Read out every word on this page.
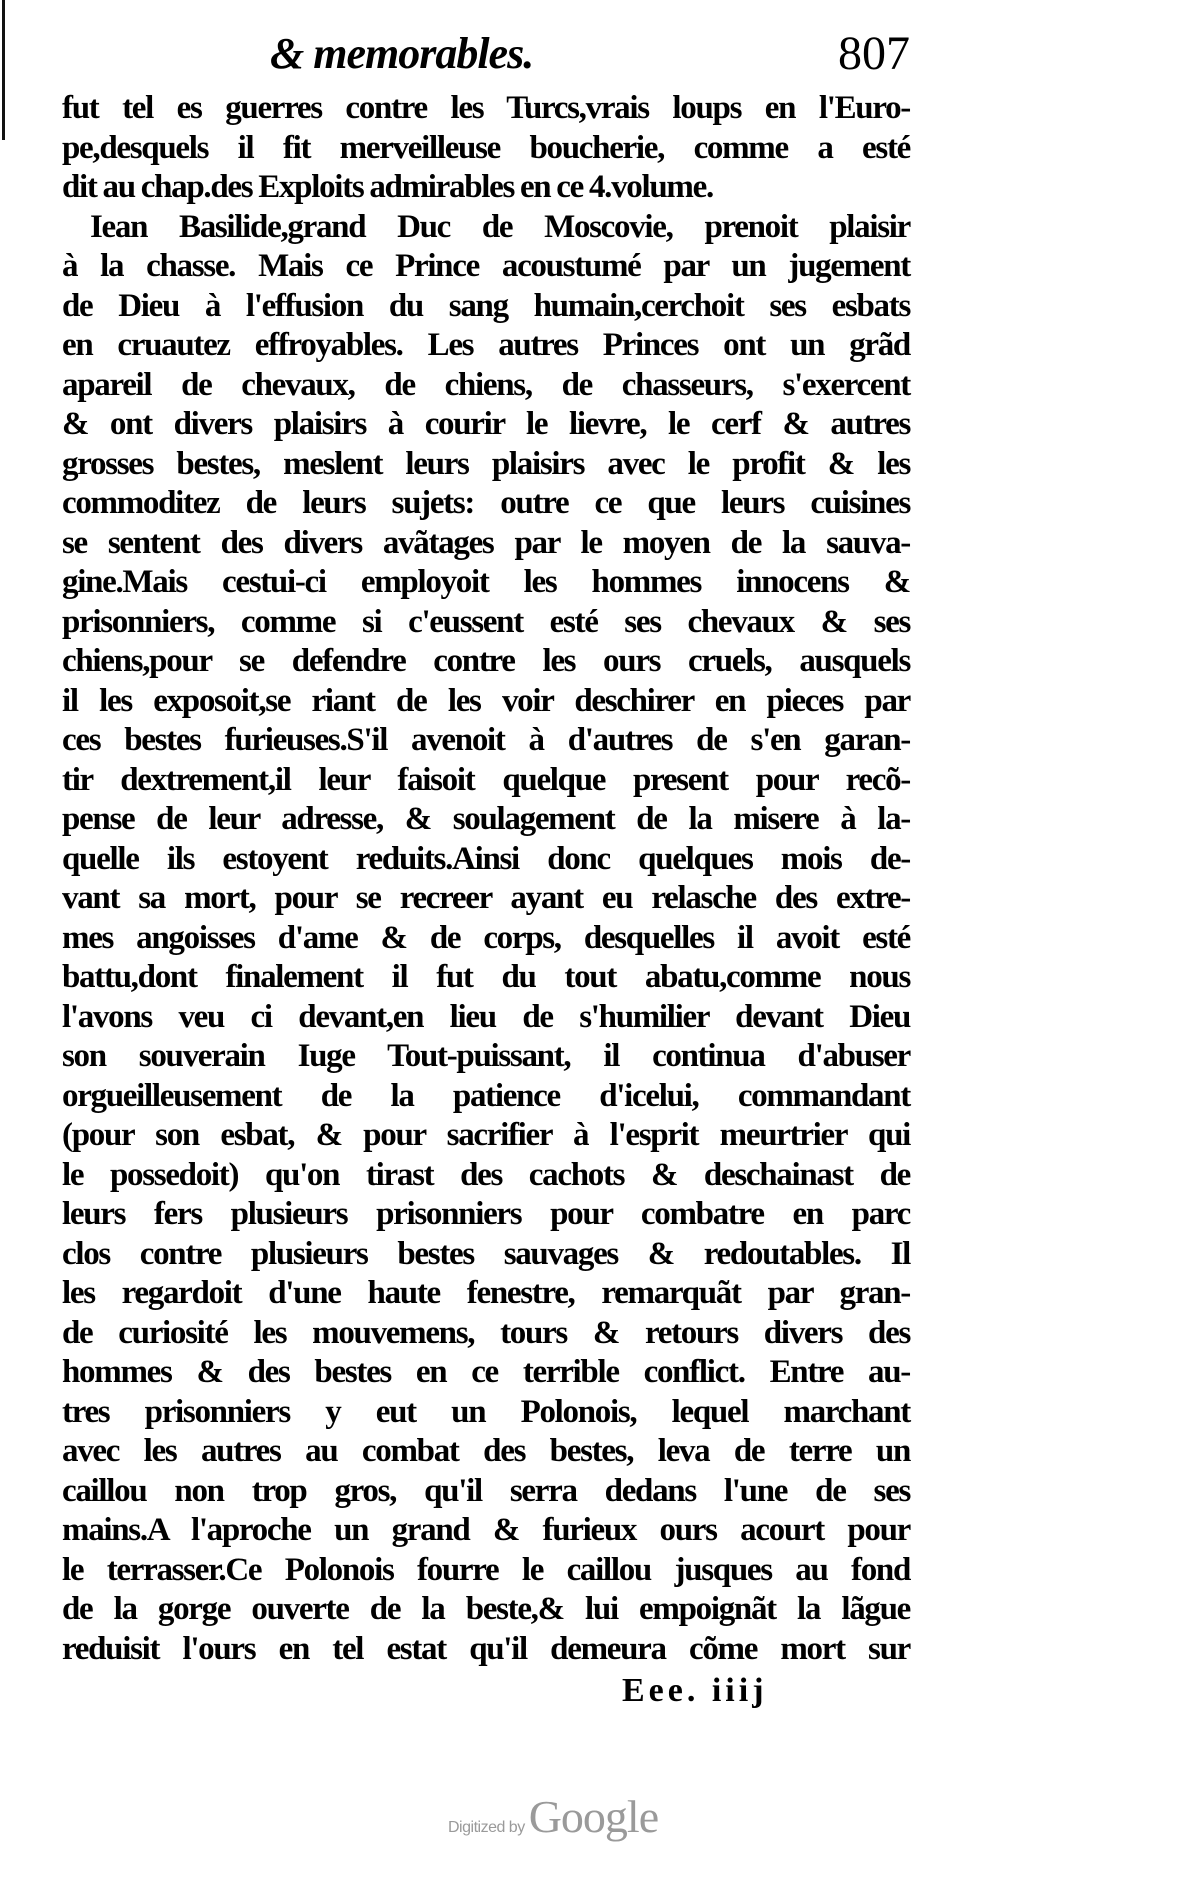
& memorables.	807
fut tel es guerres contre les Turcs,vrais loups en l'Euro-
pe,desquels il fit merveilleuse boucherie, comme a esté
dit au chap.des Exploits admirables en ce 4.volume.
Iean Basilide,grand Duc de Moscovie, prenoit plaisir
à la chasse. Mais ce Prince acoustumé par un jugement
de Dieu à l'effusion du sang humain,cerchoit ses esbats
en cruautez effroyables. Les autres Princes ont un grãd
apareil de chevaux, de chiens, de chasseurs, s'exercent
& ont divers plaisirs à courir le lievre, le cerf & autres
grosses bestes, meslent leurs plaisirs avec le profit & les
commoditez de leurs sujets: outre ce que leurs cuisines
se sentent des divers avãtages par le moyen de la sauva-
gine.Mais cestui-ci employoit les hommes innocens &
prisonniers, comme si c'eussent esté ses chevaux & ses
chiens,pour se defendre contre les ours cruels, ausquels
il les exposoit,se riant de les voir deschirer en pieces par
ces bestes furieuses.S'il avenoit à d'autres de s'en garan-
tir dextrement,il leur faisoit quelque present pour recõ-
pense de leur adresse, & soulagement de la misere à la-
quelle ils estoyent reduits.Ainsi donc quelques mois de-
vant sa mort, pour se recreer ayant eu relasche des extre-
mes angoisses d'ame & de corps, desquelles il avoit esté
battu,dont finalement il fut du tout abatu,comme nous
l'avons veu ci devant,en lieu de s'humilier devant Dieu
son souverain Iuge Tout-puissant, il continua d'abuser
orgueilleusement de la patience d'icelui, commandant
(pour son esbat, & pour sacrifier à l'esprit meurtrier qui
le possedoit) qu'on tirast des cachots & deschainast de
leurs fers plusieurs prisonniers pour combatre en parc
clos contre plusieurs bestes sauvages & redoutables. Il
les regardoit d'une haute fenestre, remarquãt par gran-
de curiosité les mouvemens, tours & retours divers des
hommes & des bestes en ce terrible conflict. Entre au-
tres prisonniers y eut un Polonois, lequel marchant
avec les autres au combat des bestes, leva de terre un
caillou non trop gros, qu'il serra dedans l'une de ses
mains.A l'aproche un grand & furieux ours acourt pour
le terrasser.Ce Polonois fourre le caillou jusques au fond
de la gorge ouverte de la beste,& lui empoignãt la lãgue
reduisit l'ours en tel estat qu'il demeura cõme mort sur
Eee. iiij
Digitized by Google
